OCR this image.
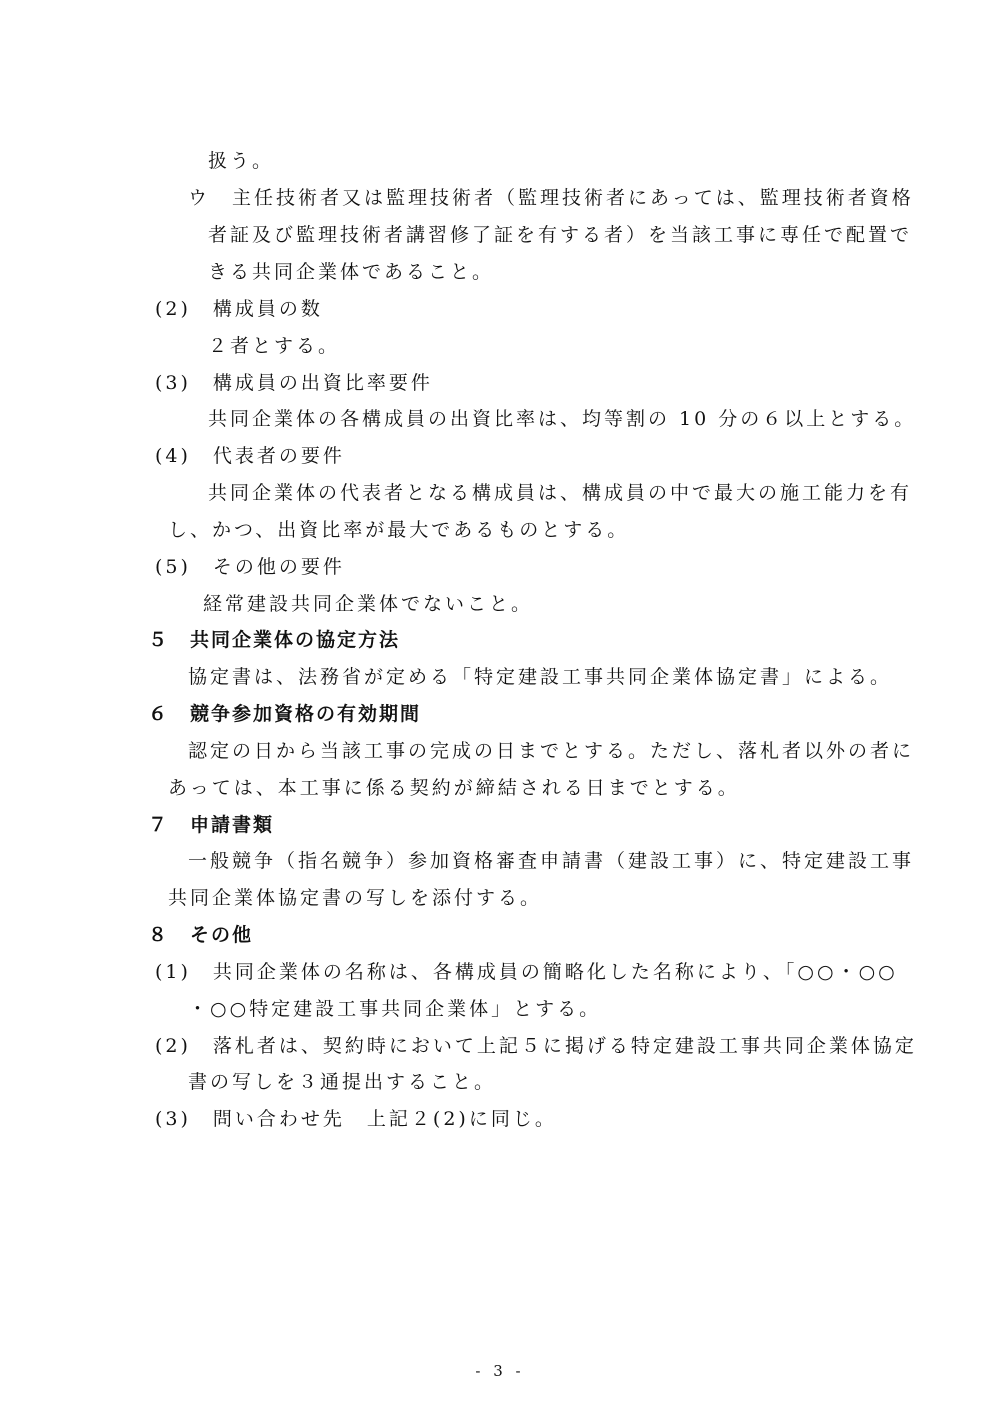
扱う。
ウ　主任技術者又は監理技術者（監理技術者にあっては、監理技術者資格
者証及び監理技術者講習修了証を有する者）を当該工事に専任で配置で
きる共同企業体であること。
(2)　構成員の数
２者とする。
(3)　構成員の出資比率要件
共同企業体の各構成員の出資比率は、均等割の 10 分の６以上とする。
(4)　代表者の要件
共同企業体の代表者となる構成員は、構成員の中で最大の施工能力を有
し、かつ、出資比率が最大であるものとする。
(5)　その他の要件
経常建設共同企業体でないこと。
５　共同企業体の協定方法
協定書は、法務省が定める「特定建設工事共同企業体協定書」による。
６　競争参加資格の有効期間
認定の日から当該工事の完成の日までとする。ただし、落札者以外の者に
あっては、本工事に係る契約が締結される日までとする。
７　申請書類
一般競争（指名競争）参加資格審査申請書（建設工事）に、特定建設工事
共同企業体協定書の写しを添付する。
８　その他
(1)　共同企業体の名称は、各構成員の簡略化した名称により、「○○・○○
・○○特定建設工事共同企業体」とする。
(2)　落札者は、契約時において上記５に掲げる特定建設工事共同企業体協定
書の写しを３通提出すること。
(3)　問い合わせ先　上記２(2)に同じ。
- 3 -
